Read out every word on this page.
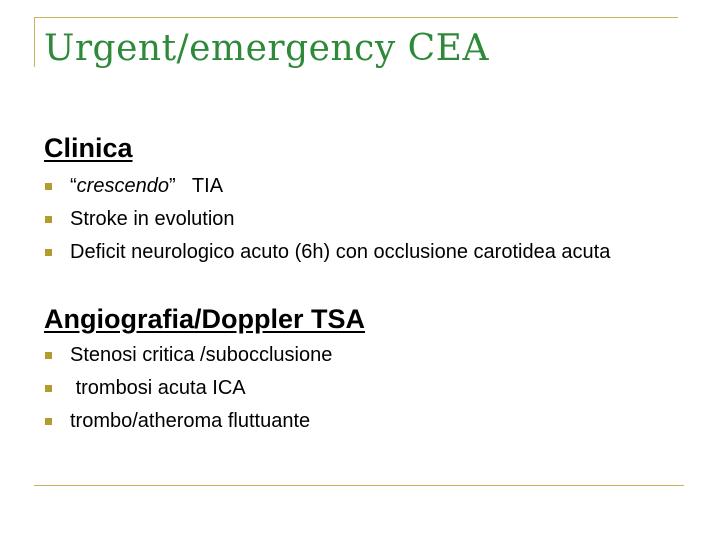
Urgent/emergency CEA
Clinica
“crescendo”   TIA
Stroke in evolution
Deficit neurologico acuto (6h) con occlusione carotidea acuta
Angiografia/Doppler TSA
Stenosi critica /subocclusione
trombosi acuta ICA
trombo/atheroma fluttuante
